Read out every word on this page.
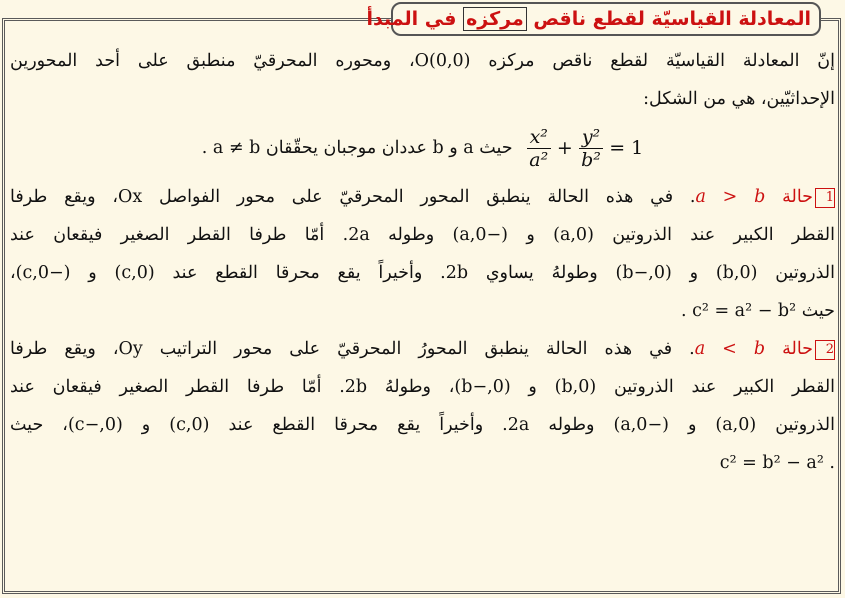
المعادلة القياسيّة لقطع ناقص مركزه في المبدأ
إنّ المعادلة القياسيّة لقطع ناقص مركزه O(0,0)، ومحوره المحرقيّ منطبق على أحد المحورين
الإحداثيّين، هي من الشكل:
$\frac{\text{x²}}{\text{a²}} + \frac{\text{y²}}{\text{b²}} = 1$
حيث a و b عددان موجبان يحقّقان a ≠ b .
1حالة a > b. في هذه الحالة ينطبق المحور المحرقيّ على محور الفواصل Ox، ويقع طرفا
القطر الكبير عند الذروتين (a,0) و (−a,0) وطوله 2a. أمّا طرفا القطر الصغير فيقعان عند
الذروتين (0,b) و (0,−b) وطولهُ يساوي 2b. وأخيراً يقع محرقا القطع عند (c,0) و (−c,0)،
حيث c² = a² − b² .
2حالة a < b. في هذه الحالة ينطبق المحورُ المحرقيّ على محور التراتيب Oy، ويقع طرفا
القطر الكبير عند الذروتين (0,b) و (0,−b)، وطولهُ 2b. أمّا طرفا القطر الصغير فيقعان عند
الذروتين (a,0) و (−a,0) وطوله 2a. وأخيراً يقع محرقا القطع عند (0,c) و (0,−c)، حيث
. c² = b² − a²
